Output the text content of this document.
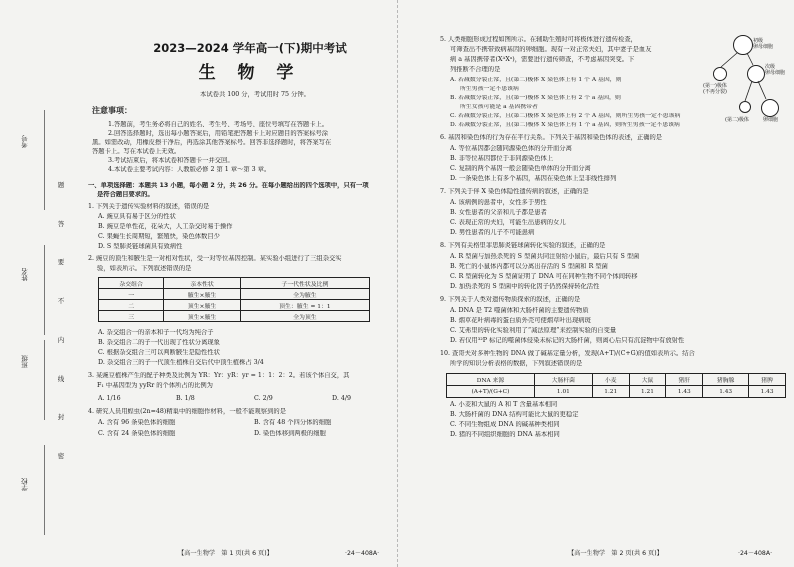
考号
姓名
班级
学校
题
答
要
不
内
线
封
密
2023—2024 学年高一(下)期中考试
生 物 学
本试卷共 100 分，考试用时 75 分钟。
注意事项：
1.答题前，考生务必将自己的姓名、考生号、考场号、座位号填写在答题卡上。
2.回答选择题时，选出每小题答案后，用铅笔把答题卡上对应题目的答案标号涂
黑。如需改动，用橡皮擦干净后，再选涂其他答案标号。回答非选择题时，将答案写在
答题卡上。写在本试卷上无效。
3.考试结束后，将本试卷和答题卡一并交回。
4.本试卷主要考试内容：人教版必修 2 第 1 章～第 3 章。
一、单项选择题：本题共 13 小题，每小题 2 分，共 26 分。在每小题给出的四个选项中，只有一项
是符合题目要求的。
1. 下列关于遗传实验材料的叙述，错误的是
A. 豌豆具有易于区分的性状
B. 豌豆是单性花，花朵大，人工杂交时易于操作
C. 果蝇生长周期短，繁殖快，染色体数目少
D. S 型肺炎链球菌具有致病性
2. 豌豆的顶生和腋生是一对相对性状，受一对等位基因控制。某实验小组进行了三组杂交实
验，如表所示。下列叙述错误的是
杂交组合	亲本性状	子一代性状及比例
一	腋生×腋生	全为腋生
二	顶生×腋生	顶生：腋生 = 1：1
三	顶生×腋生	全为顶生
A. 杂交组合一的亲本和子一代均为纯合子
B. 杂交组合二的子一代出现了性状分离现象
C. 根据杂交组合三可以判断腋生是隐性性状
D. 杂交组合三的子一代顶生植株自交后代中顶生植株占 3/4
3. 某豌豆植株产生的配子种类及比例为 YR：Yr：yR：yr = 1：1：2：2。若该个体自交，其
F₁ 中基因型为 yyRr 的个体所占的比例为
A. 1/16	B. 1/8	C. 2/9	D. 4/9
4. 研究人员用蝗虫(2n=48)精巢中的细胞作材料，一般不能观察到的是
A. 含有 96 条染色体的细胞	B. 含有 48 个四分体的细胞
C. 含有 24 条染色体的细胞	D. 染色体移到两极的细胞
【高一生物学　第 1 页(共 6 页)】	·24－408A·
5. 人类细胞形成过程如图所示。在辅助生殖时可将极体进行遗传检查，
可筛查出不携带致病基因的卵细胞。现有一对正常夫妇，其中妻子是血友
病 a 基因携带者(XᴬXᵃ)，需要进行遗传筛查，不考虑基因突变。下
列推断不合理的是
初级
卵母细胞
次级
卵母细胞
(第一)极体
(不再分裂)
(第二)极体	卵细胞
A. 若减数分裂正常，且(第二)极体 X 染色体上有 1 个 A 基因，则
所生男孩一定不患该病
B. 若减数分裂正常，且(第一)极体 X 染色体上有 2 个 a 基因，则
所生女孩可能是 a 基因携带者
C. 若减数分裂正常，且(第二)极体 X 染色体上有 2 个 A 基因，则所生男孩一定不患该病
D. 若减数分裂正常，且(第二)极体 X 染色体上有 1 个 a 基因，则所生男孩一定不患该病
6. 基因和染色体的行为存在平行关系。下列关于基因和染色体的表述，正确的是
A. 等位基因都会随同源染色体的分开而分离
B. 非等位基因都位于非同源染色体上
C. 复制的两个基因一般会随染色单体的分开而分离
D. 一条染色体上有多个基因，基因在染色体上呈非线性排列
7. 下列关于伴 X 染色体隐性遗传病的叙述，正确的是
A. 该病例的患者中，女性多于男性
B. 女性患者的父亲和儿子都是患者
C. 表现正常的夫妇，可能生出患病的女儿
D. 男性患者的儿子不可能患病
8. 下列有关格里菲思肺炎链球菌转化实验的叙述，正确的是
A. R 型菌与加热杀死的 S 型菌共同注射给小鼠后，最后只有 S 型菌
B. 死亡的小鼠体内都可以分离出存活的 S 型菌和 R 型菌
C. R 型菌转化为 S 型菌证明了 DNA 可在同种生物不同个体间转移
D. 加热杀死的 S 型菌中的转化因子仍然保持转化活性
9. 下列关于人类对遗传物质探索的叙述，正确的是
A. DNA 是 T2 噬菌体和大肠杆菌的主要遗传物质
B. 烟草花叶病毒的蛋白质外壳可使烟草叶出现病斑
C. 艾弗里的转化实验利用了“减法原理”来控制实验的自变量
D. 若仅用³²P 标记的噬菌体侵染未标记的大肠杆菌，则离心后只有沉淀物中有放射性
10. 查哥夫对多种生物的 DNA 做了碱基定量分析，发现(A+T)/(C+G)的值如表所示。结合
所学的知识分析表格的数据，下列叙述错误的是
DNA 来源	大肠杆菌	小麦	大鼠	猪肝	猪胸腺	猪脾
(A+T)/(G+C)	1.01	1.21	1.21	1.43	1.43	1.43
A. 小麦和大鼠的 A 和 T 含量基本相同
B. 大肠杆菌的 DNA 结构可能比大鼠的更稳定
C. 不同生物组成 DNA 的碱基种类相同
D. 猪的不同组织细胞的 DNA 基本相同
【高一生物学　第 2 页(共 6 页)】	·24－408A·
